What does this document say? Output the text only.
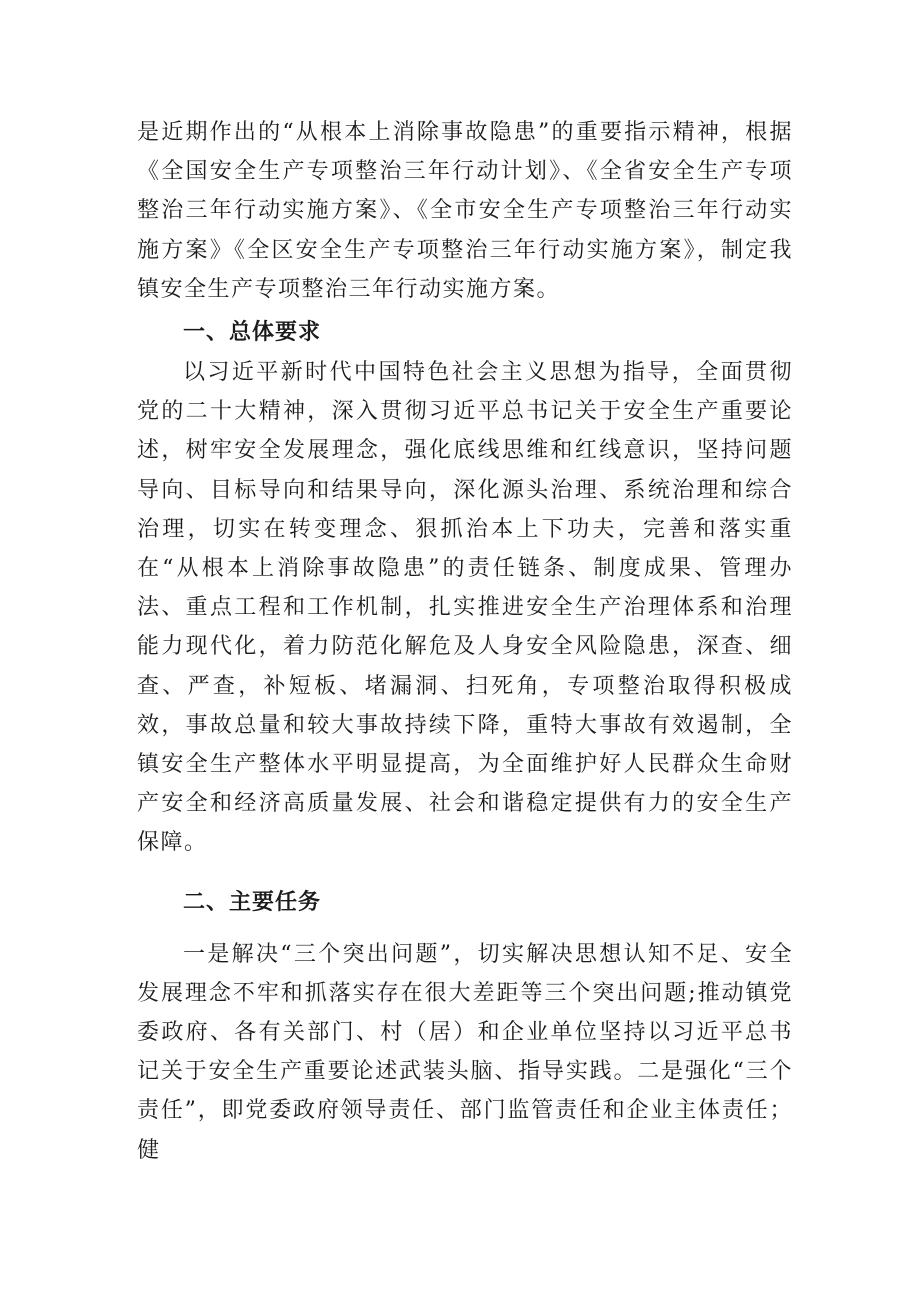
是近期作出的“从根本上消除事故隐患”的重要指示精神，根据《全国安全生产专项整治三年行动计划》、《全省安全生产专项整治三年行动实施方案》、《全市安全生产专项整治三年行动实施方案》《全区安全生产专项整治三年行动实施方案》，制定我镇安全生产专项整治三年行动实施方案。

一、总体要求

以习近平新时代中国特色社会主义思想为指导，全面贯彻党的二十大精神，深入贯彻习近平总书记关于安全生产重要论述，树牢安全发展理念，强化底线思维和红线意识，坚持问题导向、目标导向和结果导向，深化源头治理、系统治理和综合治理，切实在转变理念、狠抓治本上下功夫，完善和落实重在“从根本上消除事故隐患”的责任链条、制度成果、管理办法、重点工程和工作机制，扎实推进安全生产治理体系和治理能力现代化，着力防范化解危及人身安全风险隐患，深查、细查、严查，补短板、堵漏洞、扫死角，专项整治取得积极成效，事故总量和较大事故持续下降，重特大事故有效遏制，全镇安全生产整体水平明显提高，为全面维护好人民群众生命财产安全和经济高质量发展、社会和谐稳定提供有力的安全生产保障。

二、主要任务

一是解决“三个突出问题”，切实解决思想认知不足、安全发展理念不牢和抓落实存在很大差距等三个突出问题;推动镇党委政府、各有关部门、村（居）和企业单位坚持以习近平总书记关于安全生产重要论述武装头脑、指导实践。二是强化“三个责任”，即党委政府领导责任、部门监管责任和企业主体责任；健
